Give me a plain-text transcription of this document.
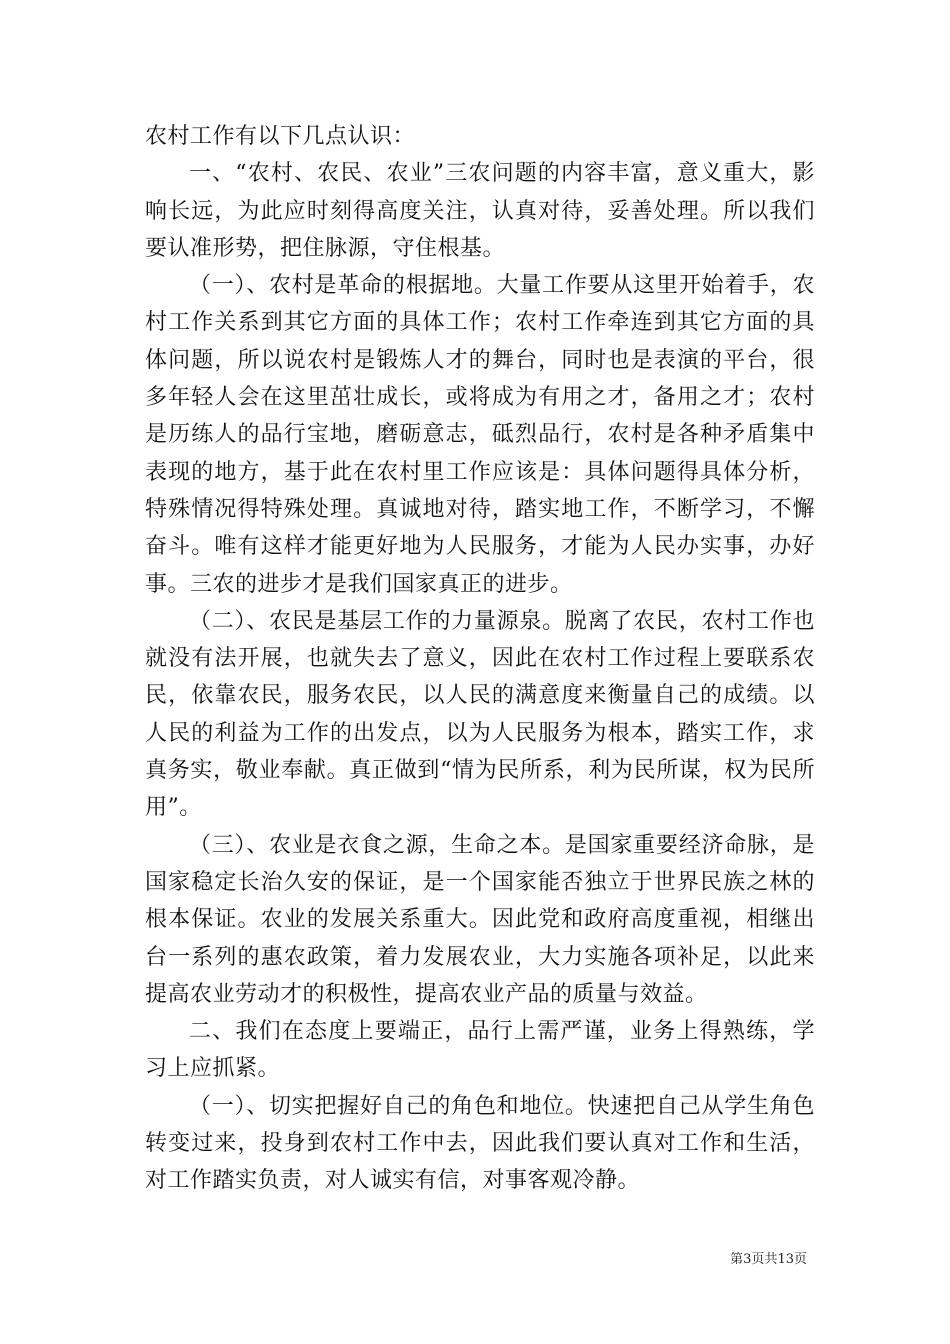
农村工作有以下几点认识：

一、“农村、农民、农业”三农问题的内容丰富，意义重大，影响长远，为此应时刻得高度关注，认真对待，妥善处理。所以我们要认准形势，把住脉源，守住根基。

（一）、农村是革命的根据地。大量工作要从这里开始着手，农村工作关系到其它方面的具体工作；农村工作牵连到其它方面的具体问题，所以说农村是锻炼人才的舞台，同时也是表演的平台，很多年轻人会在这里茁壮成长，或将成为有用之才，备用之才；农村是历练人的品行宝地，磨砺意志，砥烈品行，农村是各种矛盾集中表现的地方，基于此在农村里工作应该是：具体问题得具体分析，特殊情况得特殊处理。真诚地对待，踏实地工作，不断学习，不懈奋斗。唯有这样才能更好地为人民服务，才能为人民办实事，办好事。三农的进步才是我们国家真正的进步。

（二）、农民是基层工作的力量源泉。脱离了农民，农村工作也就没有法开展，也就失去了意义，因此在农村工作过程上要联系农民，依靠农民，服务农民，以人民的满意度来衡量自己的成绩。以人民的利益为工作的出发点，以为人民服务为根本，踏实工作，求真务实，敬业奉献。真正做到“情为民所系，利为民所谋，权为民所用”。

（三）、农业是衣食之源，生命之本。是国家重要经济命脉，是国家稳定长治久安的保证，是一个国家能否独立于世界民族之林的根本保证。农业的发展关系重大。因此党和政府高度重视，相继出台一系列的惠农政策，着力发展农业，大力实施各项补足，以此来提高农业劳动才的积极性，提高农业产品的质量与效益。

二、我们在态度上要端正，品行上需严谨，业务上得熟练，学习上应抓紧。

（一）、切实把握好自己的角色和地位。快速把自己从学生角色转变过来，投身到农村工作中去，因此我们要认真对工作和生活，对工作踏实负责，对人诚实有信，对事客观冷静。

第3页共13页
